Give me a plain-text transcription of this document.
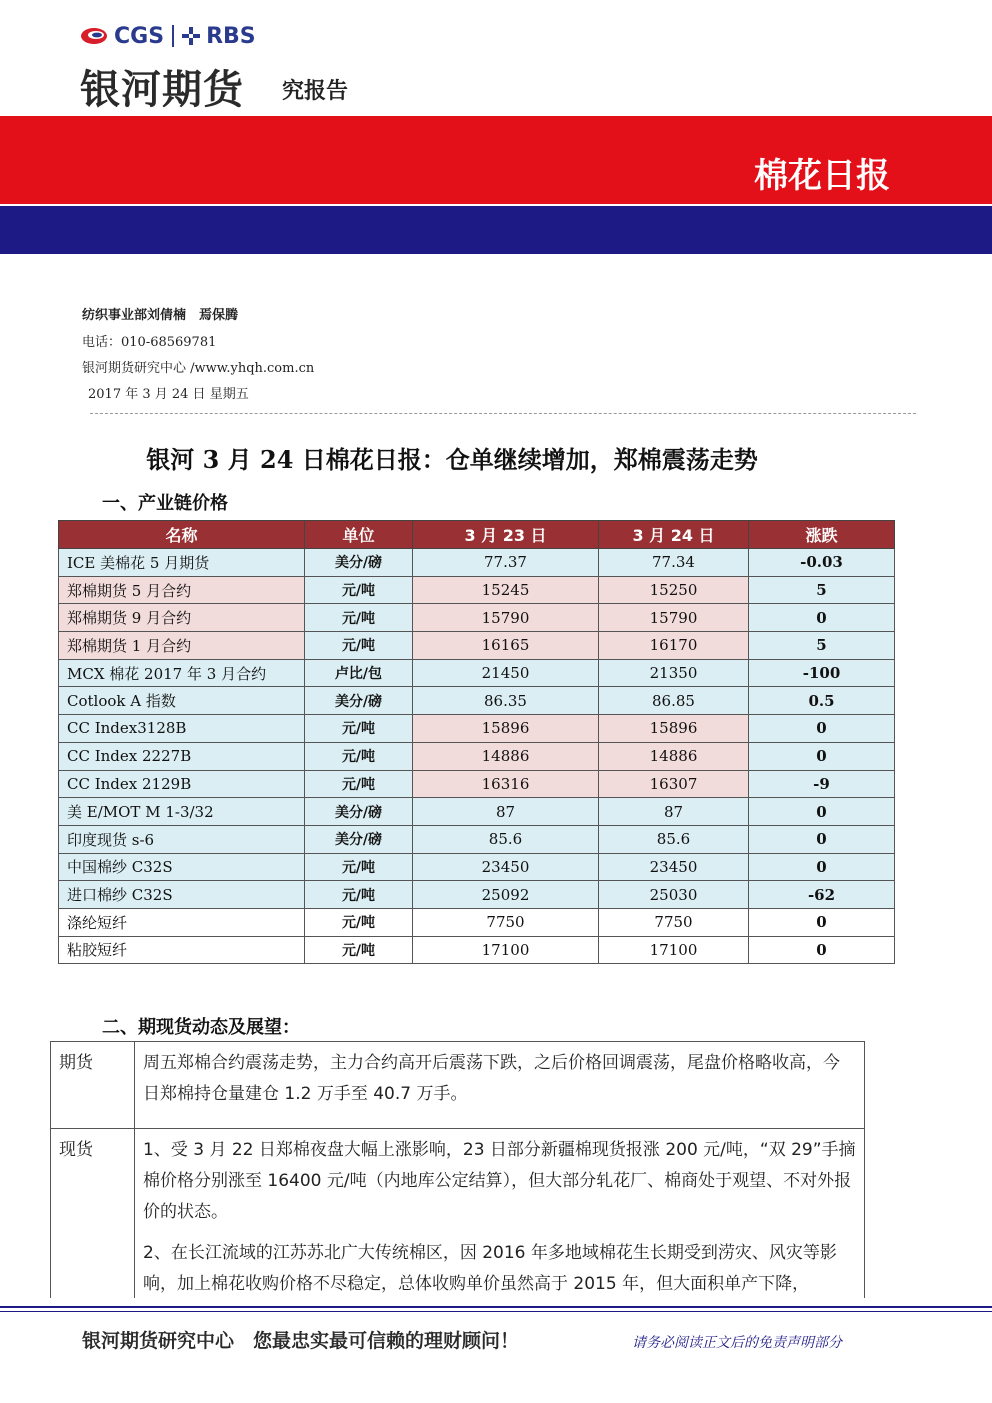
CGS RBS
银河期货 究报告
棉花日报
纺织事业部刘倩楠　焉保腾
电话：010-68569781
银河期货研究中心 /www.yhqh.com.cn
2017 年 3 月 24 日 星期五
银河 3 月 24 日棉花日报：仓单继续增加，郑棉震荡走势
一、产业链价格
名称	单位	3 月 23 日	3 月 24 日	涨跌
ICE 美棉花 5 月期货	美分/磅	77.37	77.34	-0.03
郑棉期货 5 月合约	元/吨	15245	15250	5
郑棉期货 9 月合约	元/吨	15790	15790	0
郑棉期货 1 月合约	元/吨	16165	16170	5
MCX 棉花 2017 年 3 月合约	卢比/包	21450	21350	-100
Cotlook A 指数	美分/磅	86.35	86.85	0.5
CC Index3128B	元/吨	15896	15896	0
CC Index 2227B	元/吨	14886	14886	0
CC Index 2129B	元/吨	16316	16307	-9
美 E/MOT M 1-3/32	美分/磅	87	87	0
印度现货 s-6	美分/磅	85.6	85.6	0
中国棉纱 C32S	元/吨	23450	23450	0
进口棉纱 C32S	元/吨	25092	25030	-62
涤纶短纤	元/吨	7750	7750	0
粘胶短纤	元/吨	17100	17100	0
二、期现货动态及展望：
期货	周五郑棉合约震荡走势，主力合约高开后震荡下跌，之后价格回调震荡，尾盘价格略收高，今日郑棉持仓量建仓 1.2 万手至 40.7 万手。
现货	1、受 3 月 22 日郑棉夜盘大幅上涨影响，23 日部分新疆棉现货报涨 200 元/吨，“双 29”手摘棉价格分别涨至 16400 元/吨（内地库公定结算），但大部分轧花厂、棉商处于观望、不对外报价的状态。

2、在长江流域的江苏苏北广大传统棉区，因 2016 年多地域棉花生长期受到涝灾、风灾等影响，加上棉花收购价格不尽稳定，总体收购单价虽然高于 2015 年，但大面积单产下降，

银河期货研究中心　您最忠实最可信赖的理财顾问！	请务必阅读正文后的免责声明部分
